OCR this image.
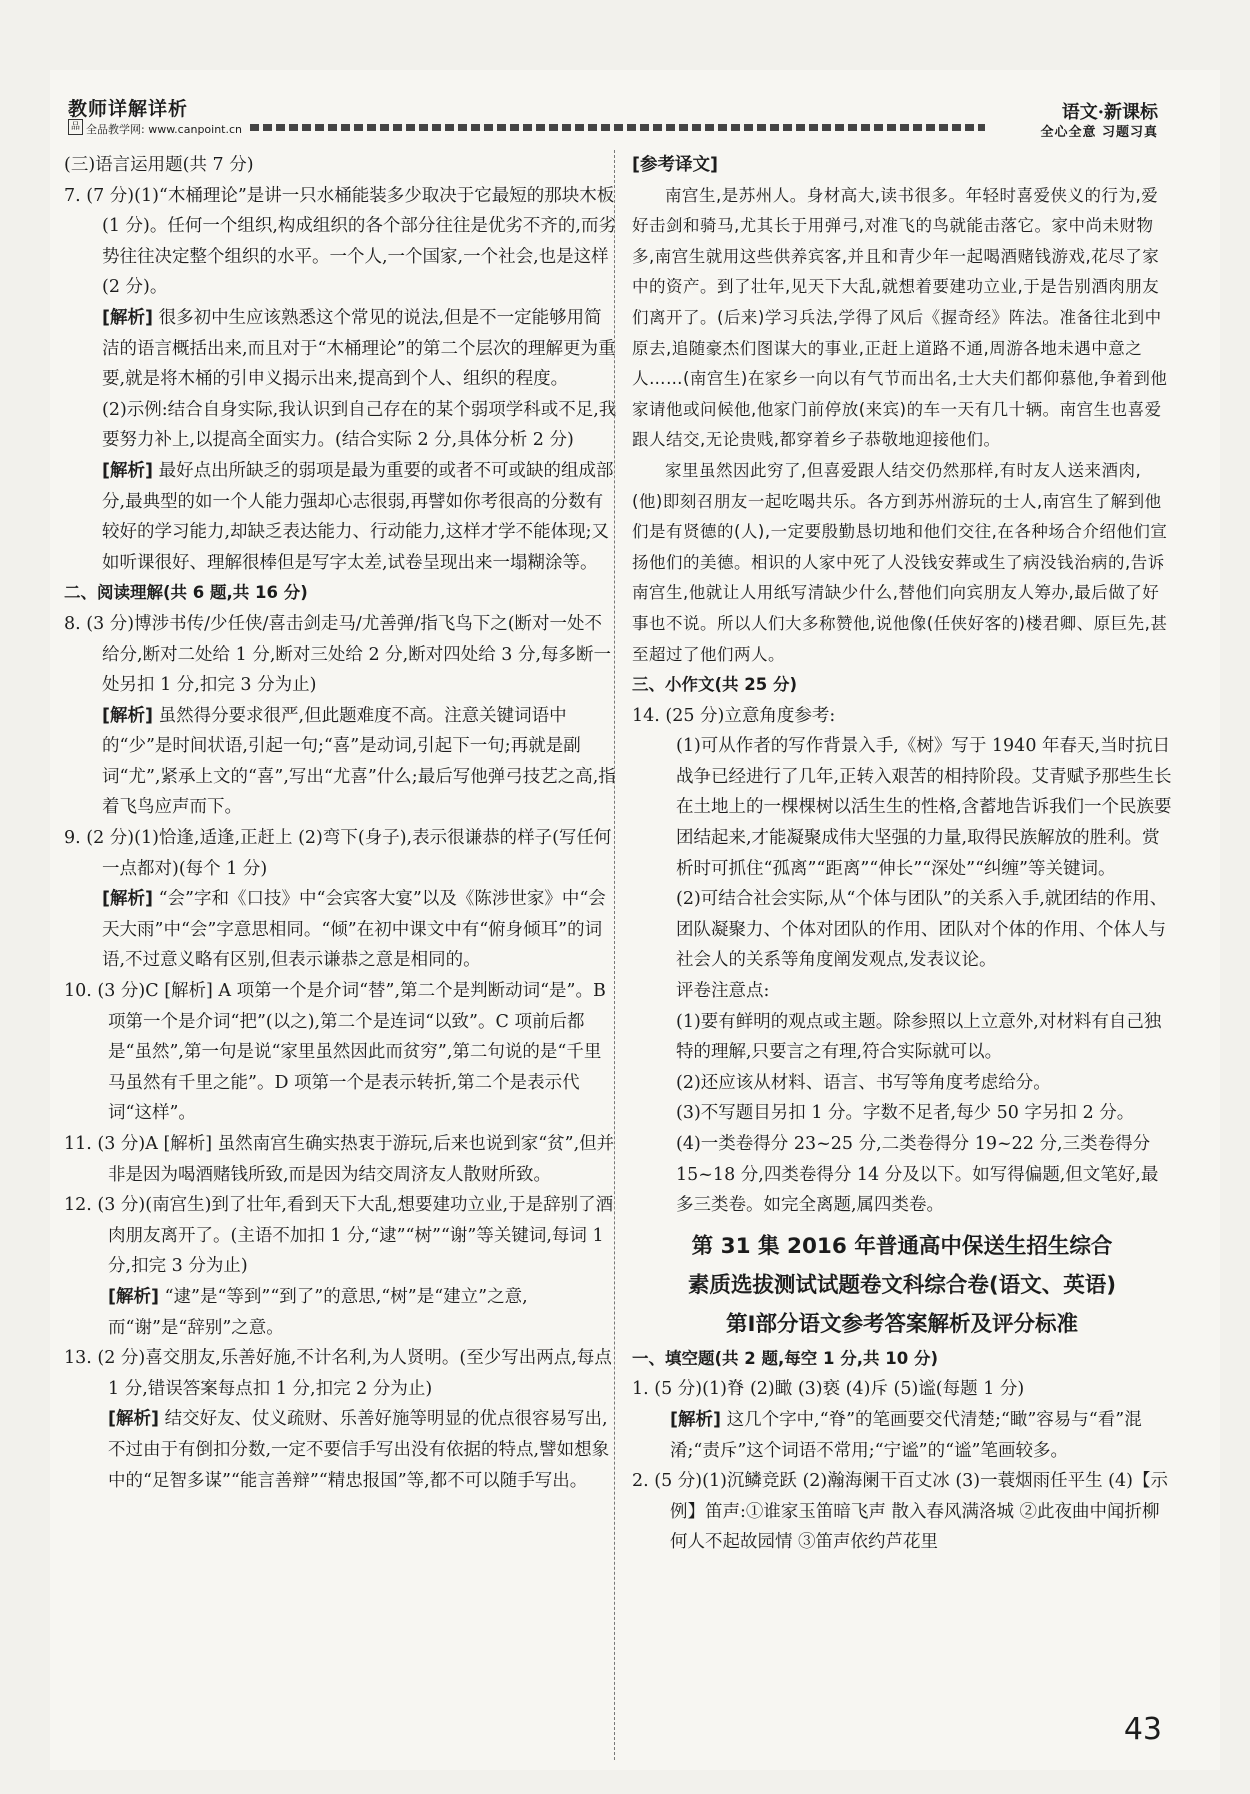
教师详解详析
品 全品教学网: www.canpoint.cn
语文·新课标
全心全意 习题习真

(三)语言运用题(共 7 分)

7. (7 分)(1)“木桶理论”是讲一只水桶能装多少取决于它最短的那块木板(1 分)。任何一个组织,构成组织的各个部分往往是优劣不齐的,而劣势往往决定整个组织的水平。一个人,一个国家,一个社会,也是这样(2 分)。

[解析] 很多初中生应该熟悉这个常见的说法,但是不一定能够用简洁的语言概括出来,而且对于“木桶理论”的第二个层次的理解更为重要,就是将木桶的引申义揭示出来,提高到个人、组织的程度。

(2)示例:结合自身实际,我认识到自己存在的某个弱项学科或不足,我要努力补上,以提高全面实力。(结合实际 2 分,具体分析 2 分)

[解析] 最好点出所缺乏的弱项是最为重要的或者不可或缺的组成部分,最典型的如一个人能力强却心志很弱,再譬如你考很高的分数有较好的学习能力,却缺乏表达能力、行动能力,这样才学不能体现;又如听课很好、理解很棒但是写字太差,试卷呈现出来一塌糊涂等。

二、阅读理解(共 6 题,共 16 分)

8. (3 分)博涉书传/少任侠/喜击剑走马/尤善弹/指飞鸟下之(断对一处不给分,断对二处给 1 分,断对三处给 2 分,断对四处给 3 分,每多断一处另扣 1 分,扣完 3 分为止)

[解析] 虽然得分要求很严,但此题难度不高。注意关键词语中的“少”是时间状语,引起一句;“喜”是动词,引起下一句;再就是副词“尤”,紧承上文的“喜”,写出“尤喜”什么;最后写他弹弓技艺之高,指着飞鸟应声而下。

9. (2 分)(1)恰逢,适逢,正赶上 (2)弯下(身子),表示很谦恭的样子(写任何一点都对)(每个 1 分)

[解析] “会”字和《口技》中“会宾客大宴”以及《陈涉世家》中“会天大雨”中“会”字意思相同。“倾”在初中课文中有“俯身倾耳”的词语,不过意义略有区别,但表示谦恭之意是相同的。

10. (3 分)C [解析] A 项第一个是介词“替”,第二个是判断动词“是”。B 项第一个是介词“把”(以之),第二个是连词“以致”。C 项前后都是“虽然”,第一句是说“家里虽然因此而贫穷”,第二句说的是“千里马虽然有千里之能”。D 项第一个是表示转折,第二个是表示代词“这样”。

11. (3 分)A [解析] 虽然南宫生确实热衷于游玩,后来也说到家“贫”,但并非是因为喝酒赌钱所致,而是因为结交周济友人散财所致。

12. (3 分)(南宫生)到了壮年,看到天下大乱,想要建功立业,于是辞别了酒肉朋友离开了。(主语不加扣 1 分,“逮”“树”“谢”等关键词,每词 1 分,扣完 3 分为止)

[解析] “逮”是“等到”“到了”的意思,“树”是“建立”之意,而“谢”是“辞别”之意。

13. (2 分)喜交朋友,乐善好施,不计名利,为人贤明。(至少写出两点,每点 1 分,错误答案每点扣 1 分,扣完 2 分为止)

[解析] 结交好友、仗义疏财、乐善好施等明显的优点很容易写出,不过由于有倒扣分数,一定不要信手写出没有依据的特点,譬如想象中的“足智多谋”“能言善辩”“精忠报国”等,都不可以随手写出。

[参考译文]

南宫生,是苏州人。身材高大,读书很多。年轻时喜爱侠义的行为,爱好击剑和骑马,尤其长于用弹弓,对准飞的鸟就能击落它。家中尚未财物多,南宫生就用这些供养宾客,并且和青少年一起喝酒赌钱游戏,花尽了家中的资产。到了壮年,见天下大乱,就想着要建功立业,于是告别酒肉朋友们离开了。(后来)学习兵法,学得了风后《握奇经》阵法。准备往北到中原去,追随豪杰们图谋大的事业,正赶上道路不通,周游各地未遇中意之人……(南宫生)在家乡一向以有气节而出名,士大夫们都仰慕他,争着到他家请他或问候他,他家门前停放(来宾)的车一天有几十辆。南宫生也喜爱跟人结交,无论贵贱,都穿着乡子恭敬地迎接他们。

家里虽然因此穷了,但喜爱跟人结交仍然那样,有时友人送来酒肉,(他)即刻召朋友一起吃喝共乐。各方到苏州游玩的士人,南宫生了解到他们是有贤德的(人),一定要殷勤恳切地和他们交往,在各种场合介绍他们宣扬他们的美德。相识的人家中死了人没钱安葬或生了病没钱治病的,告诉南宫生,他就让人用纸写清缺少什么,替他们向宾朋友人筹办,最后做了好事也不说。所以人们大多称赞他,说他像(任侠好客的)楼君卿、原巨先,甚至超过了他们两人。

三、小作文(共 25 分)

14. (25 分)立意角度参考:

(1)可从作者的写作背景入手,《树》写于 1940 年春天,当时抗日战争已经进行了几年,正转入艰苦的相持阶段。艾青赋予那些生长在土地上的一棵棵树以活生生的性格,含蓄地告诉我们一个民族要团结起来,才能凝聚成伟大坚强的力量,取得民族解放的胜利。赏析时可抓住“孤离”“距离”“伸长”“深处”“纠缠”等关键词。

(2)可结合社会实际,从“个体与团队”的关系入手,就团结的作用、团队凝聚力、个体对团队的作用、团队对个体的作用、个体人与社会人的关系等角度阐发观点,发表议论。

评卷注意点:

(1)要有鲜明的观点或主题。除参照以上立意外,对材料有自己独特的理解,只要言之有理,符合实际就可以。

(2)还应该从材料、语言、书写等角度考虑给分。

(3)不写题目另扣 1 分。字数不足者,每少 50 字另扣 2 分。

(4)一类卷得分 23~25 分,二类卷得分 19~22 分,三类卷得分 15~18 分,四类卷得分 14 分及以下。如写得偏题,但文笔好,最多三类卷。如完全离题,属四类卷。

第 31 集 2016 年普通高中保送生招生综合
素质选拔测试试题卷文科综合卷(语文、英语)
第Ⅰ部分语文参考答案解析及评分标准

一、填空题(共 2 题,每空 1 分,共 10 分)

1. (5 分)(1)脊 (2)瞰 (3)亵 (4)斥 (5)谧(每题 1 分)

[解析] 这几个字中,“脊”的笔画要交代清楚;“瞰”容易与“看”混淆;“责斥”这个词语不常用;“宁谧”的“谧”笔画较多。

2. (5 分)(1)沉鳞竞跃 (2)瀚海阑干百丈冰 (3)一蓑烟雨任平生 (4)【示例】笛声:①谁家玉笛暗飞声 散入春风满洛城 ②此夜曲中闻折柳 何人不起故园情 ③笛声依约芦花里

43
